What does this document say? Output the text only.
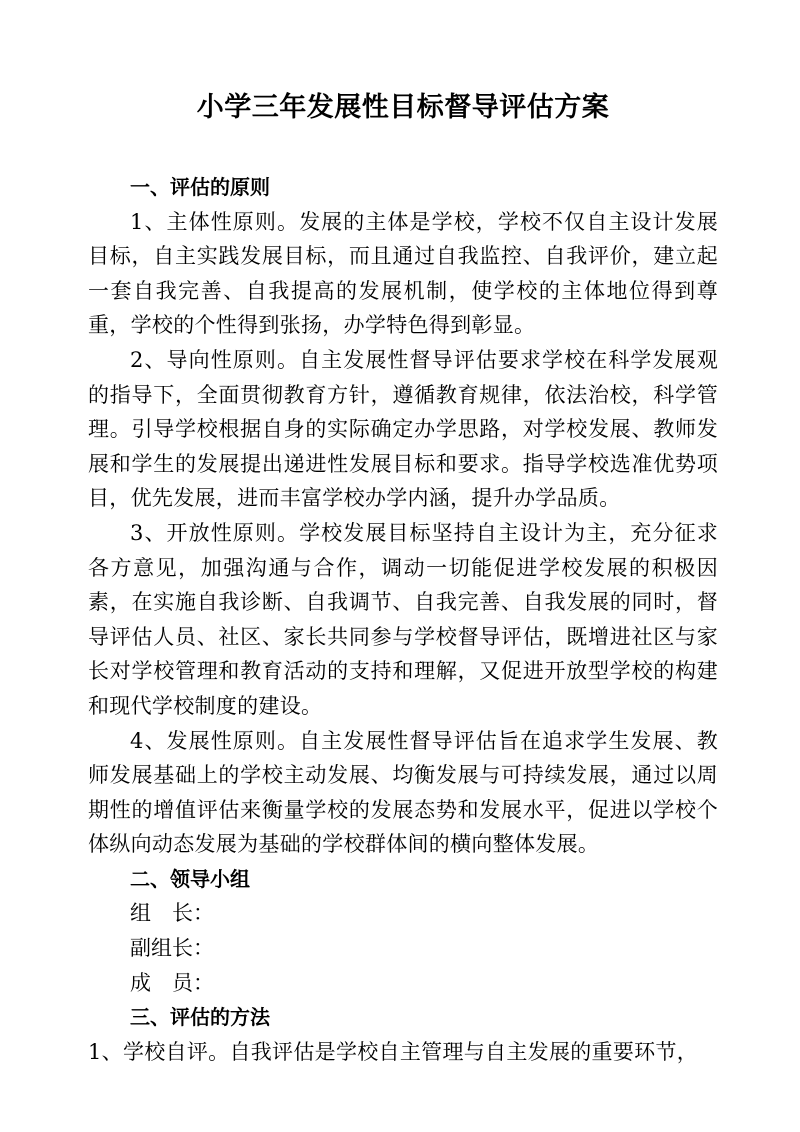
小学三年发展性目标督导评估方案

一、评估的原则

1、主体性原则。发展的主体是学校，学校不仅自主设计发展目标，自主实践发展目标，而且通过自我监控、自我评价，建立起一套自我完善、自我提高的发展机制，使学校的主体地位得到尊重，学校的个性得到张扬，办学特色得到彰显。

2、导向性原则。自主发展性督导评估要求学校在科学发展观的指导下，全面贯彻教育方针，遵循教育规律，依法治校，科学管理。引导学校根据自身的实际确定办学思路，对学校发展、教师发展和学生的发展提出递进性发展目标和要求。指导学校选准优势项目，优先发展，进而丰富学校办学内涵，提升办学品质。

3、开放性原则。学校发展目标坚持自主设计为主，充分征求各方意见，加强沟通与合作，调动一切能促进学校发展的积极因素，在实施自我诊断、自我调节、自我完善、自我发展的同时，督导评估人员、社区、家长共同参与学校督导评估，既增进社区与家长对学校管理和教育活动的支持和理解，又促进开放型学校的构建和现代学校制度的建设。

4、发展性原则。自主发展性督导评估旨在追求学生发展、教师发展基础上的学校主动发展、均衡发展与可持续发展，通过以周期性的增值评估来衡量学校的发展态势和发展水平，促进以学校个体纵向动态发展为基础的学校群体间的横向整体发展。

二、领导小组

组　长：

副组长：

成　员：

三、评估的方法

1、学校自评。自我评估是学校自主管理与自主发展的重要环节，
